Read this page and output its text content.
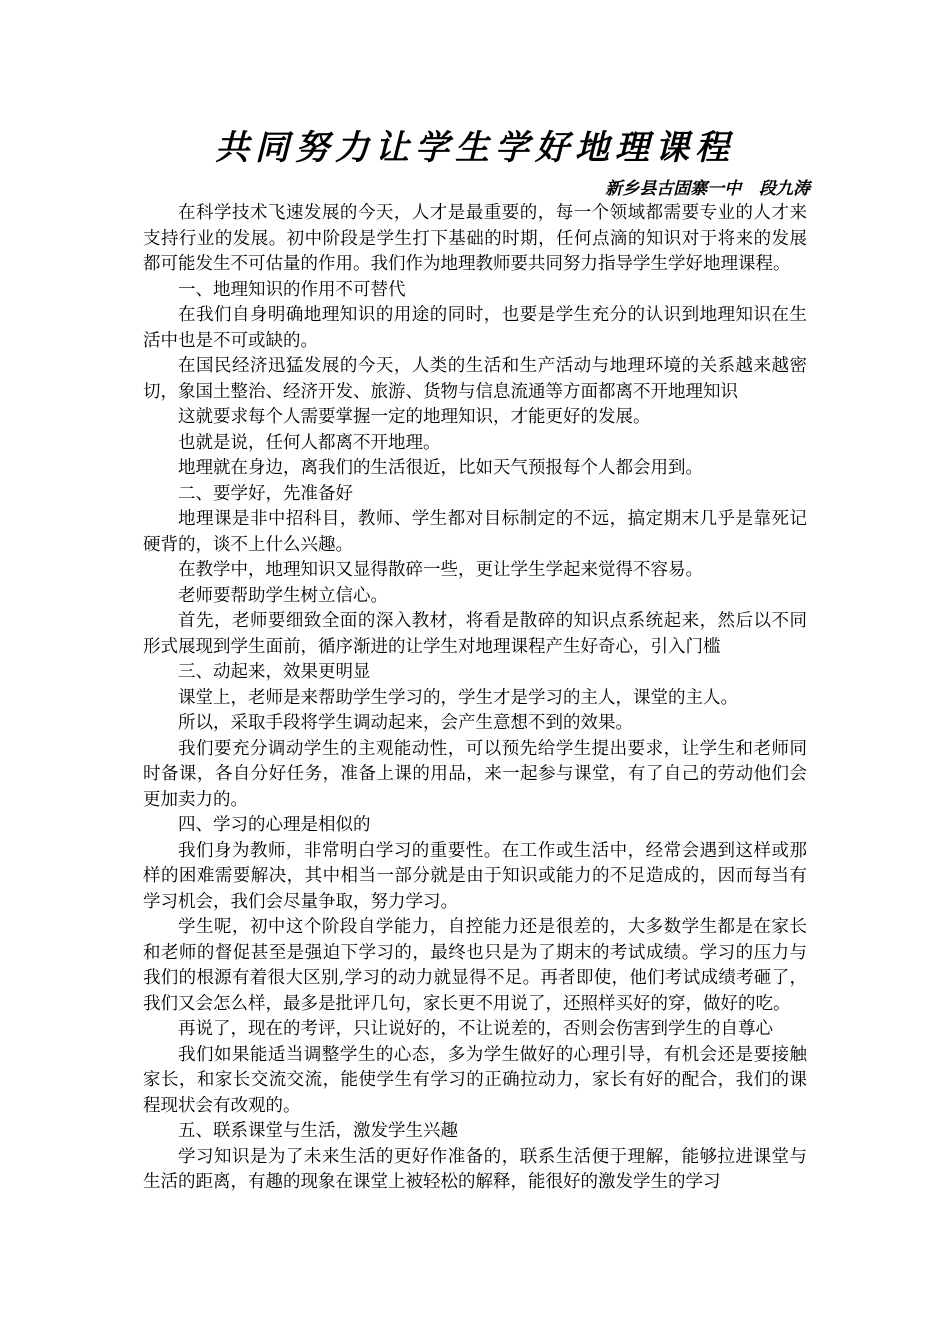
共同努力让学生学好地理课程
新乡县古固寨一中   段九涛

在科学技术飞速发展的今天，人才是最重要的，每一个领域都需要专业的人才来支持行业的发展。初中阶段是学生打下基础的时期，任何点滴的知识对于将来的发展都可能发生不可估量的作用。我们作为地理教师要共同努力指导学生学好地理课程。

一、地理知识的作用不可替代

在我们自身明确地理知识的用途的同时，也要是学生充分的认识到地理知识在生活中也是不可或缺的。

在国民经济迅猛发展的今天，人类的生活和生产活动与地理环境的关系越来越密切，象国土整治、经济开发、旅游、货物与信息流通等方面都离不开地理知识

这就要求每个人需要掌握一定的地理知识，才能更好的发展。

也就是说，任何人都离不开地理。

地理就在身边，离我们的生活很近，比如天气预报每个人都会用到。

二、要学好，先准备好

地理课是非中招科目，教师、学生都对目标制定的不远，搞定期末几乎是靠死记硬背的，谈不上什么兴趣。

在教学中，地理知识又显得散碎一些，更让学生学起来觉得不容易。

老师要帮助学生树立信心。

首先，老师要细致全面的深入教材，将看是散碎的知识点系统起来，然后以不同形式展现到学生面前，循序渐进的让学生对地理课程产生好奇心，引入门槛

三、动起来，效果更明显

课堂上，老师是来帮助学生学习的，学生才是学习的主人，课堂的主人。

所以，采取手段将学生调动起来，会产生意想不到的效果。

我们要充分调动学生的主观能动性，可以预先给学生提出要求，让学生和老师同时备课，各自分好任务，准备上课的用品，来一起参与课堂，有了自己的劳动他们会更加卖力的。

四、学习的心理是相似的

我们身为教师，非常明白学习的重要性。在工作或生活中，经常会遇到这样或那样的困难需要解决，其中相当一部分就是由于知识或能力的不足造成的，因而每当有学习机会，我们会尽量争取，努力学习。

学生呢，初中这个阶段自学能力，自控能力还是很差的，大多数学生都是在家长和老师的督促甚至是强迫下学习的，最终也只是为了期末的考试成绩。学习的压力与我们的根源有着很大区别,学习的动力就显得不足。再者即使，他们考试成绩考砸了，我们又会怎么样，最多是批评几句，家长更不用说了，还照样买好的穿，做好的吃。

再说了，现在的考评，只让说好的，不让说差的，否则会伤害到学生的自尊心

我们如果能适当调整学生的心态，多为学生做好的心理引导，有机会还是要接触家长，和家长交流交流，能使学生有学习的正确拉动力，家长有好的配合，我们的课程现状会有改观的。

五、联系课堂与生活，激发学生兴趣

学习知识是为了未来生活的更好作准备的，联系生活便于理解，能够拉进课堂与生活的距离，有趣的现象在课堂上被轻松的解释，能很好的激发学生的学习
